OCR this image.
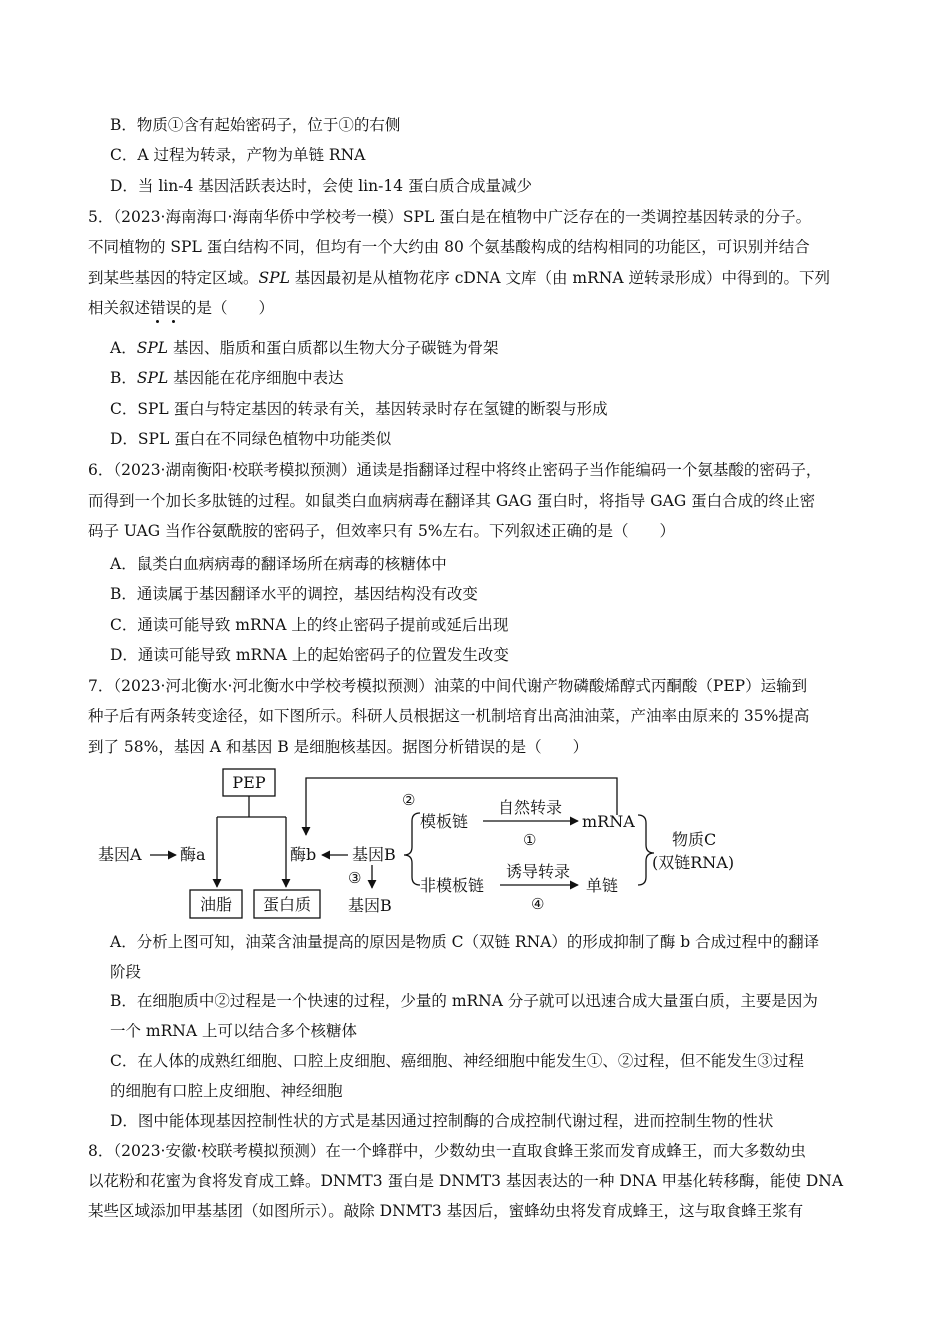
B．物质①含有起始密码子，位于①的右侧
C．A 过程为转录，产物为单链 RNA
D．当 lin-4 基因活跃表达时，会使 lin-14 蛋白质合成量减少
5．（2023·海南海口·海南华侨中学校考一模）SPL 蛋白是在植物中广泛存在的一类调控基因转录的分子。
不同植物的 SPL 蛋白结构不同，但均有一个大约由 80 个氨基酸构成的结构相同的功能区，可识别并结合
到某些基因的特定区域。SPL 基因最初是从植物花序 cDNA 文库（由 mRNA 逆转录形成）中得到的。下列
相关叙述错误的是（　　）
A．SPL 基因、脂质和蛋白质都以生物大分子碳链为骨架
B．SPL 基因能在花序细胞中表达
C．SPL 蛋白与特定基因的转录有关，基因转录时存在氢键的断裂与形成
D．SPL 蛋白在不同绿色植物中功能类似
6．（2023·湖南衡阳·校联考模拟预测）通读是指翻译过程中将终止密码子当作能编码一个氨基酸的密码子，
而得到一个加长多肽链的过程。如鼠类白血病病毒在翻译其 GAG 蛋白时，将指导 GAG 蛋白合成的终止密
码子 UAG 当作谷氨酰胺的密码子，但效率只有 5%左右。下列叙述正确的是（　　）
A．鼠类白血病病毒的翻译场所在病毒的核糖体中
B．通读属于基因翻译水平的调控，基因结构没有改变
C．通读可能导致 mRNA 上的终止密码子提前或延后出现
D．通读可能导致 mRNA 上的起始密码子的位置发生改变
7．（2023·河北衡水·河北衡水中学校考模拟预测）油菜的中间代谢产物磷酸烯醇式丙酮酸（PEP）运输到
种子后有两条转变途径，如下图所示。科研人员根据这一机制培育出高油油菜，产油率由原来的 35%提高
到了 58%，基因 A 和基因 B 是细胞核基因。据图分析错误的是（　　）
PEP
基因A 酶a	酶b 基因B
③
基因B
油脂 蛋白质
②
模板链
自然转录
①
mRNA
非模板链
诱导转录
④
单链
物质C
(双链RNA)
A．分析上图可知，油菜含油量提高的原因是物质 C（双链 RNA）的形成抑制了酶 b 合成过程中的翻译
阶段
B．在细胞质中②过程是一个快速的过程，少量的 mRNA 分子就可以迅速合成大量蛋白质，主要是因为
一个 mRNA 上可以结合多个核糖体
C．在人体的成熟红细胞、口腔上皮细胞、癌细胞、神经细胞中能发生①、②过程，但不能发生③过程
的细胞有口腔上皮细胞、神经细胞
D．图中能体现基因控制性状的方式是基因通过控制酶的合成控制代谢过程，进而控制生物的性状
8．（2023·安徽·校联考模拟预测）在一个蜂群中，少数幼虫一直取食蜂王浆而发育成蜂王，而大多数幼虫
以花粉和花蜜为食将发育成工蜂。DNMT3 蛋白是 DNMT3 基因表达的一种 DNA 甲基化转移酶，能使 DNA
某些区域添加甲基基团（如图所示）。敲除 DNMT3 基因后，蜜蜂幼虫将发育成蜂王，这与取食蜂王浆有
